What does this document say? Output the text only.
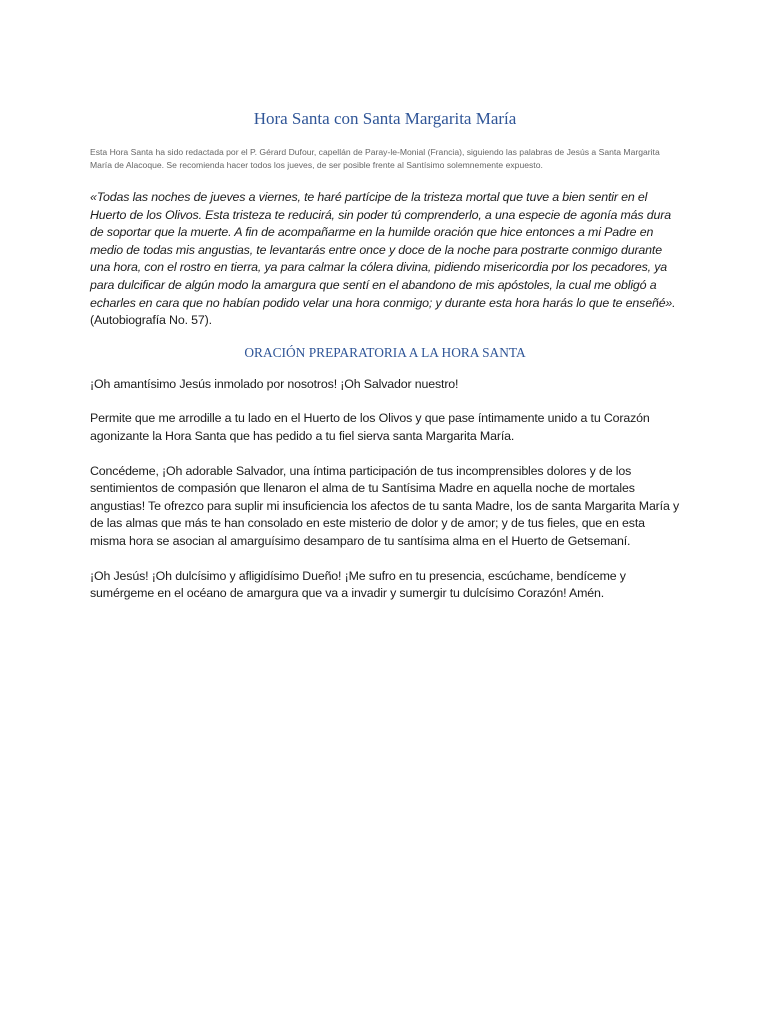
Hora Santa con Santa Margarita María

Esta Hora Santa ha sido redactada por el P. Gérard Dufour, capellán de Paray-le-Monial (Francia), siguiendo las palabras de Jesús a Santa Margarita María de Alacoque. Se recomienda hacer todos los jueves, de ser posible frente al Santísimo solemnemente expuesto.

«Todas las noches de jueves a viernes, te haré partícipe de la tristeza mortal que tuve a bien sentir en el Huerto de los Olivos. Esta tristeza te reducirá, sin poder tú comprenderlo, a una especie de agonía más dura de soportar que la muerte. A fin de acompañarme en la humilde oración que hice entonces a mi Padre en medio de todas mis angustias, te levantarás entre once y doce de la noche para postrarte conmigo durante una hora, con el rostro en tierra, ya para calmar la cólera divina, pidiendo misericordia por los pecadores, ya para dulcificar de algún modo la amargura que sentí en el abandono de mis apóstoles, la cual me obligó a echarles en cara que no habían podido velar una hora conmigo; y durante esta hora harás lo que te enseñé». (Autobiografía No. 57).

ORACIÓN PREPARATORIA A LA HORA SANTA

¡Oh amantísimo Jesús inmolado por nosotros! ¡Oh Salvador nuestro!

Permite que me arrodille a tu lado en el Huerto de los Olivos y que pase íntimamente unido a tu Corazón agonizante la Hora Santa que has pedido a tu fiel sierva santa Margarita María.

Concédeme, ¡Oh adorable Salvador, una íntima participación de tus incomprensibles dolores y de los sentimientos de compasión que llenaron el alma de tu Santísima Madre en aquella noche de mortales angustias! Te ofrezco para suplir mi insuficiencia los afectos de tu santa Madre, los de santa Margarita María y de las almas que más te han consolado en este misterio de dolor y de amor; y de tus fieles, que en esta misma hora se asocian al amarguísimo desamparo de tu santísima alma en el Huerto de Getsemaní.

¡Oh Jesús! ¡Oh dulcísimo y afligidísimo Dueño! ¡Me sufro en tu presencia, escúchame, bendíceme y sumérgeme en el océano de amargura que va a invadir y sumergir tu dulcísimo Corazón! Amén.
